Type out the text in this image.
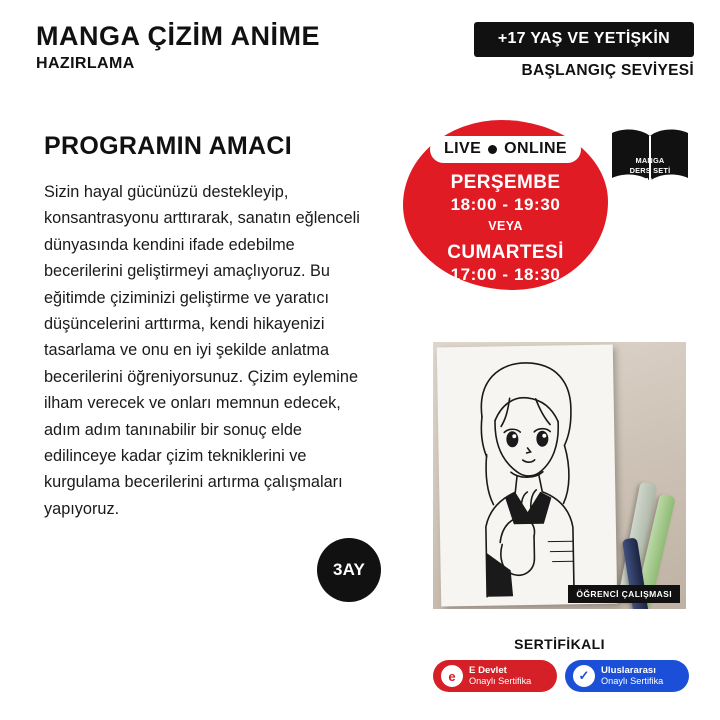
MANGA ÇİZİM ANİME
HAZIRLAMA
+17 YAŞ VE YETİŞKİN
BAŞLANGIÇ SEVİYESİ
PROGRAMIN AMACI
Sizin hayal gücünüzü destekleyip, konsantrasyonu arttırarak, sanatın eğlenceli dünyasında kendini ifade edebilme becerilerini geliştirmeyi amaçlıyoruz. Bu eğitimde çiziminizi geliştirme ve yaratıcı düşüncelerini arttırma, kendi hikayenizi tasarlama ve onu en iyi şekilde anlatma becerilerini öğreniyorsunuz. Çizim eylemine ilham verecek ve onları memnun edecek, adım adım tanınabilir bir sonuç elde edilinceye kadar çizim tekniklerini ve kurgulama becerilerini artırma çalışmaları yapıyoruz.
3AY
LIVE ONLINE
PERŞEMBE
18:00 - 19:30
VEYA
CUMARTESİ
17:00 - 18:30
MANGA
DERS SETİ
ALMAYI
UNUTMAYIN!
ÖĞRENCİ ÇALIŞMASI
SERTİFİKALI
e	E Devlet
Onaylı Sertifika	✓	Uluslararası
Onaylı Sertifika
